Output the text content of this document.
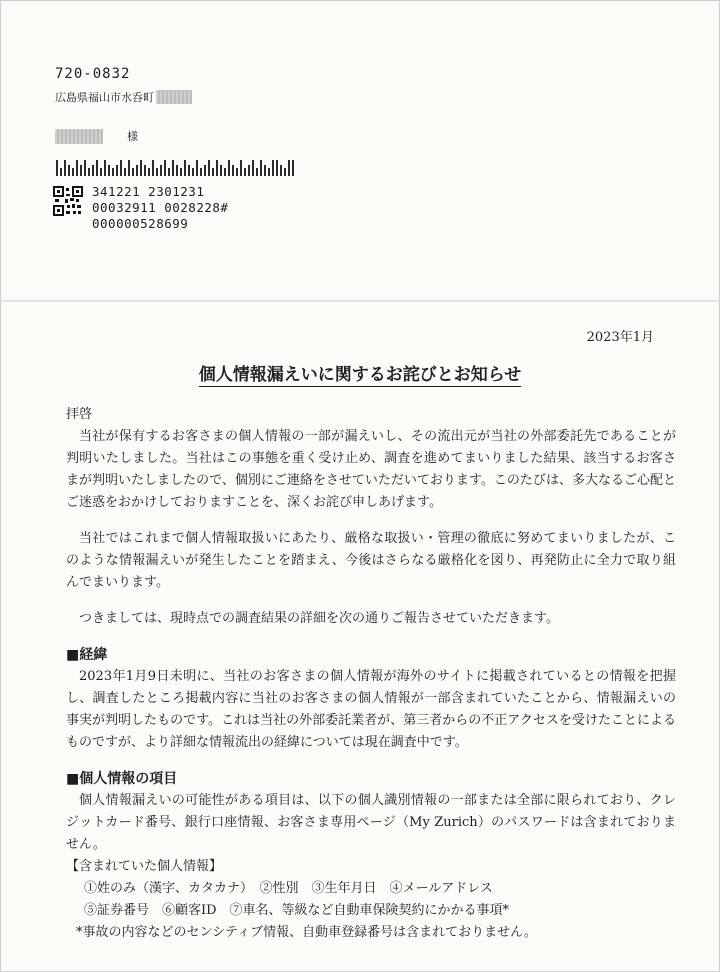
720-0832
広島県福山市水呑町
様
341221 2301231
00032911 0028228#
000000528699
2023年1月
個人情報漏えいに関するお詫びとお知らせ
拝啓

当社が保有するお客さまの個人情報の一部が漏えいし、その流出元が当社の外部委託先であることが判明いたしました。当社はこの事態を重く受け止め、調査を進めてまいりました結果、該当するお客さまが判明いたしましたので、個別にご連絡をさせていただいております。このたびは、多大なるご心配とご迷惑をおかけしておりますことを、深くお詫び申しあげます。

当社ではこれまで個人情報取扱いにあたり、厳格な取扱い・管理の徹底に努めてまいりましたが、このような情報漏えいが発生したことを踏まえ、今後はさらなる厳格化を図り、再発防止に全力で取り組んでまいります。

つきましては、現時点での調査結果の詳細を次の通りご報告させていただきます。

■経緯

2023年1月9日未明に、当社のお客さまの個人情報が海外のサイトに掲載されているとの情報を把握し、調査したところ掲載内容に当社のお客さまの個人情報が一部含まれていたことから、情報漏えいの事実が判明したものです。これは当社の外部委託業者が、第三者からの不正アクセスを受けたことによるものですが、より詳細な情報流出の経緯については現在調査中です。

■個人情報の項目

個人情報漏えいの可能性がある項目は、以下の個人識別情報の一部または全部に限られており、クレジットカード番号、銀行口座情報、お客さま専用ページ（My Zurich）のパスワードは含まれておりません。

【含まれていた個人情報】
①姓のみ（漢字、カタカナ）　②性別　③生年月日　④メールアドレス
⑤証券番号　⑥顧客ID　⑦車名、等級など自動車保険契約にかかる事項*
*事故の内容などのセンシティブ情報、自動車登録番号は含まれておりません。
